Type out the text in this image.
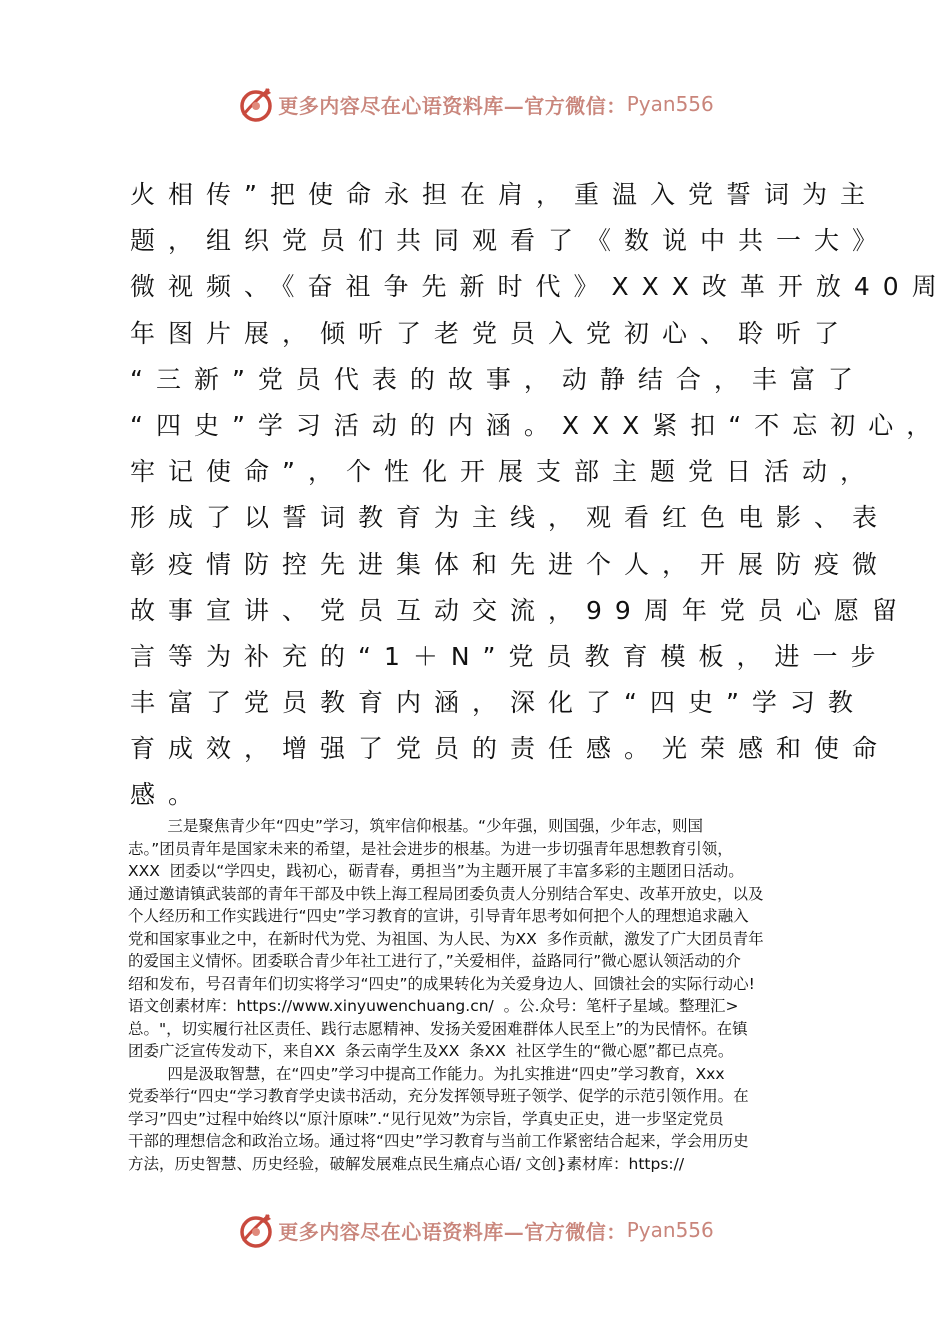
更多内容尽在心语资料库—官方微信： Pyan556
火相传”把使命永担在肩，重温入党誓词为主
题，组织党员们共同观看了《数说中共一大》
微视频、《奋祖争先新时代》XXX改革开放40周
年图片展，倾听了老党员入党初心、聆听了
“三新”党员代表的故事，动静结合，丰富了
“四史”学习活动的内涵。XXX紧扣“不忘初心，
牢记使命”，个性化开展支部主题党日活动，
形成了以誓词教育为主线，观看红色电影、表
彰疫情防控先进集体和先进个人，开展防疫微
故事宣讲、党员互动交流，99周年党员心愿留
言等为补充的“1＋N”党员教育模板，进一步
丰富了党员教育内涵，深化了“四史”学习教
育成效，增强了党员的责任感。光荣感和使命
感。
三是聚焦青少年“四史”学习，筑牢信仰根基。“少年强，则国强，少年志，则国
志。”团员青年是国家未来的希望，是社会进步的根基。为进一步切强青年思想教育引领，
XXX  团委以“学四史，践初心，砺青春，勇担当”为主题开展了丰富多彩的主题团日活动。
通过邀请镇武装部的青年干部及中铁上海工程局团委负责人分别结合军史、改革开放史，以及
个人经历和工作实践进行“四史”学习教育的宣讲，引导青年思考如何把个人的理想追求融入
党和国家事业之中，在新时代为党、为祖国、为人民、为XX  多作贡献，激发了广大团员青年
的爱国主义情怀。团委联合青少年社工进行了，”关爱相伴，益路同行”微心愿认领活动的介
绍和发布，号召青年们切实将学习“四史”的成果转化为关爱身边人、回馈社会的实际行动心!
语文创素材库：https://www.xinyuwenchuang.cn/  。公.众号：笔杆子星域。整理汇>
总。"，切实履行社区责任、践行志愿精神、发扬关爱困难群体人民至上”的为民情怀。在镇
团委广泛宣传发动下，来自XX  条云南学生及XX  条XX  社区学生的“微心愿”都已点亮。
四是汲取智慧，在“四史”学习中提高工作能力。为扎实推进“四史”学习教育，Xxx
党委举行“四史“学习教育学史读书活动，充分发挥领导班子领学、促学的示范引领作用。在
学习”四史”过程中始终以“原汁原味”.“见行见效”为宗旨，学真史正史，进一步坚定党员
干部的理想信念和政治立场。通过将“四史”学习教育与当前工作紧密结合起来，学会用历史
方法，历史智慧、历史经验，破解发展难点民生痛点心语/ 文创}素材库：https://
更多内容尽在心语资料库—官方微信： Pyan556
